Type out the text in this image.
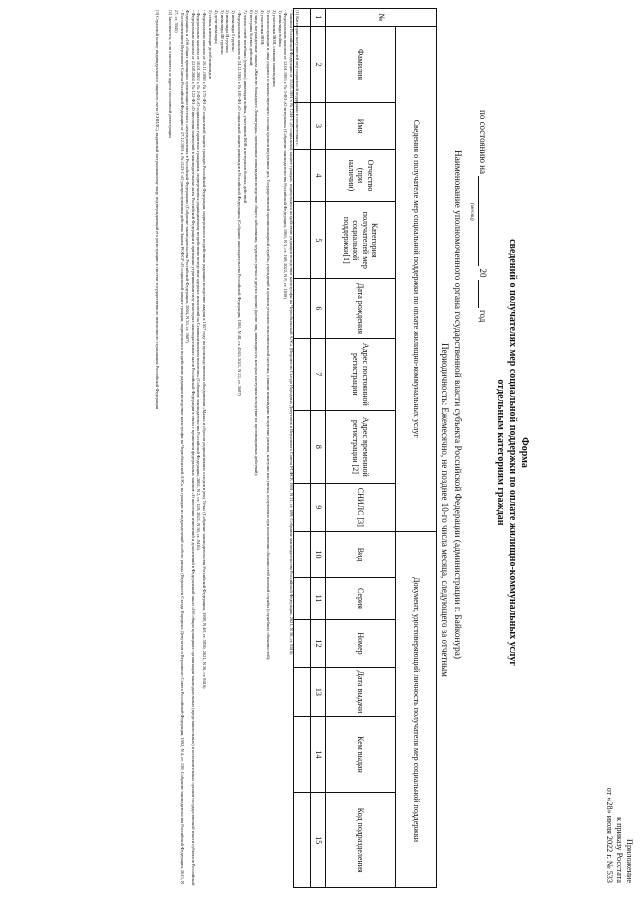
Приложение
к приказу Росстата
от «28» июля 2022 г. № 533
Форма
сведений о получателях мер социальной поддержки по оплате жилищно-коммунальных услуг
отдельным категориям граждан
по состоянию на  20  год
(месяц)
Наименование уполномоченного органа государственной власти субъекта Российской Федерации (администрации г. Байконура)
Периодичность: Ежемесячно, не позднее 10-го числа месяца, следующего за отчетным
№	Сведения о получателе мер социальной поддержки по оплате жилищно-коммунальных услуг								Документ, удостоверяющий личность получателя мер социальной поддержки					
	Фамилия	Имя	Отчество (при наличии)	Категория получателей мер социальной поддержки[1]	Дата рождения	Адрес постоянной регистрации	Адрес временной регистрации [2]	СНИЛС [3]	Вид	Серия	Номер	Дата выдачи	Кем выдан	Код подразделения
1	2	3	4	5	6	7	8	9	10	11	12	13	14	15

[1] Категории получателей мер социальной поддержки в соответствии с:

- Законом Российской Федерации от 15.05.1991 г. № 1244-1 «О социальной защите граждан, подвергшихся воздействию радиации вследствие катастрофы на Чернобыльской АЭС» (Ведомости Съезда Народных Депутатов и Верховного Совета РСФСР, 1991, N 21, ст. 699; Собрание законодательства Российской Федерации, 2021, N 50, ст. 8416)

- Федеральным законом от 12.01.1995 г. № 5-ФЗ «О ветеранах» (Собрание законодательства Российской Федерации, 1995, N 3, ст. 168; 2022, N 8, ст. 1038)

1) инвалиды войны;

2) участники ВОВ, ставшие инвалидами;

3) военнослужащие и лица рядового и начальствующего состава органов внутренних дел, Государственной противопожарной службы, учреждений и органов уголовно-исполнительной системы, ставшие инвалидами вследствие ранения, контузии или увечья, полученных при исполнении обязанностей военной службы (служебных обязанностей);

4) участники ВОВ;

5) лица, награжденные знаком «Жителю блокадного Ленинграда», признанные инвалидами вследствие общего заболевания, трудового увечья и других причин (кроме лиц, инвалидность которых наступила вследствие их противоправных действий);

6) ветераны боевых действий;

7) члены семей погибших (умерших) инвалидов войны, участников ВОВ и ветеранов боевых действий

- Федеральным законом от 24.11.1995 г. № 181-ФЗ «О социальной защите инвалидов в Российской Федерации» (Собрание законодательства Российской Федерации, 1995, N 48, ст. 4563; 2021, N 22, ст. 3687)

1) инвалиды I группы;

2) инвалиды II группы;

3) инвалиды III группы;

4) дети-инвалиды;

5) семьи, имеющие детей-инвалидов

- Федеральным законом от 26.11.1998 г. № 175-ФЗ «О социальной защите граждан Российской Федерации, подвергшихся воздействию радиации вследствие аварии в 1957 году на производственном объединении «Маяк» и сбросов радиоактивных отходов в реку Теча» (Собрание законодательства Российской Федерации, 1998, N 48, ст. 5850; 2021, N 50, ст. 8416)

- Федеральным законом от 10.01.2002 г. № 2-ФЗ «О социальных гарантиях гражданам, подвергшимся радиационному воздействию вследствие ядерных испытаний на Семипалатинском полигоне» (Собрание законодательства Российской Федерации, 2002, N 2, ст. 128; 2021, N 50, ст. 8416)

- Федеральным законом от 22.08.2004 г. № 122-ФЗ «О внесении изменений в законодательные акты Российской Федерации и признании утратившими силу некоторых законодательных актов Российской Федерации в связи с принятием федеральных законов «О внесении изменений и дополнений в Федеральный закон «Об общих принципах организации законодательных (представительных) и исполнительных органов государственной власти субъектов Российской Федерации» и «Об общих принципах организации местного самоуправления в Российской Федерации» (Собрание законодательства Российской Федерации, 2004, N 35, ст. 3607)

- Постановлением Верховного Совета Российской Федерации от 27.12.1991 г. № 2123-1 «О распространении действия Закона РСФСР «О социальной защите граждан, подвергшихся воздействию радиации вследствие катастрофы на Чернобыльской АЭС» на граждан из подразделений особого риска» (Ведомости Съезда Народных Депутатов и Верховного Совета Российской Федерации, 1992, N 4, ст. 138; Собрание законодательства Российской Федерации, 2015, N 27, ст. 3945)

[2] Заполняется, если отличается от адреса постоянной регистрации

[3] Страховой номер индивидуального лицевого счета (СНИЛС), выданный застрахованному лицу, подтверждающий его регистрацию в системе государственного пенсионного страхования Российской Федерации
